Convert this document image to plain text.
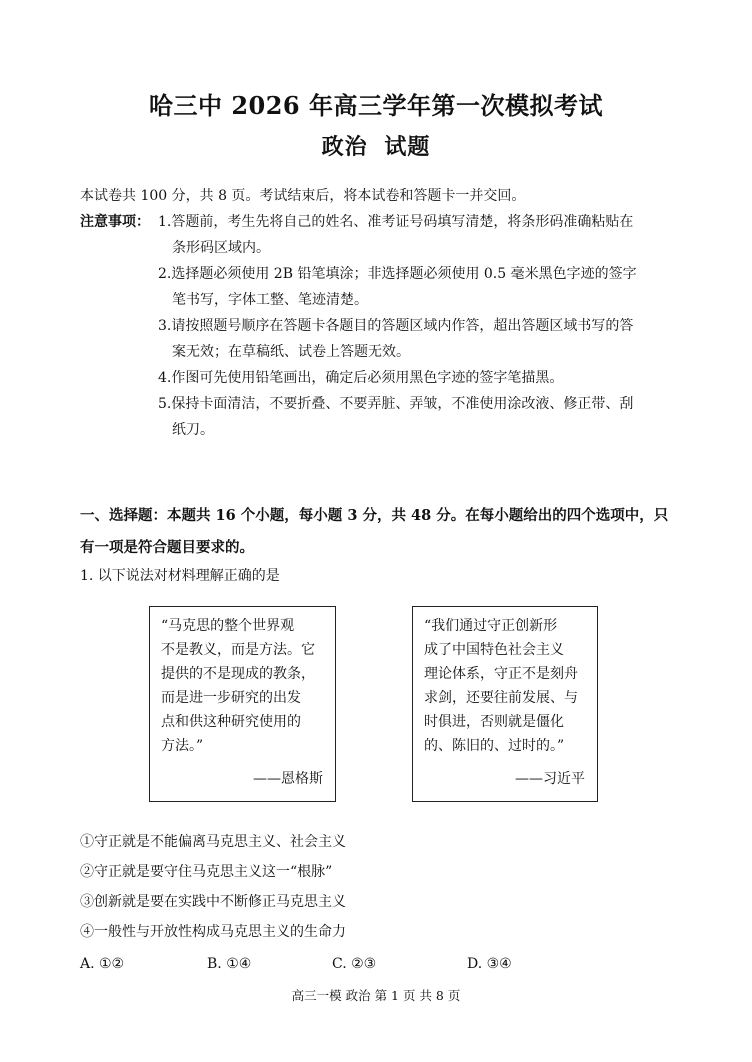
哈三中 2026 年高三学年第一次模拟考试
政治 试题
本试卷共 100 分，共 8 页。考试结束后，将本试卷和答题卡一并交回。
注意事项： 1.答题前，考生先将自己的姓名、准考证号码填写清楚，将条形码准确粘贴在
条形码区域内。
2.选择题必须使用 2B 铅笔填涂；非选择题必须使用 0.5 毫米黑色字迹的签字
笔书写，字体工整、笔迹清楚。
3.请按照题号顺序在答题卡各题目的答题区域内作答，超出答题区域书写的答
案无效；在草稿纸、试卷上答题无效。
4.作图可先使用铅笔画出，确定后必须用黑色字迹的签字笔描黑。
5.保持卡面清洁，不要折叠、不要弄脏、弄皱，不准使用涂改液、修正带、刮
纸刀。
一、选择题：本题共 16 个小题，每小题 3 分，共 48 分。在每小题给出的四个选项中，只
有一项是符合题目要求的。
1. 以下说法对材料理解正确的是
“马克思的整个世界观
不是教义，而是方法。它
提供的不是现成的教条，
而是进一步研究的出发
点和供这种研究使用的
方法。”
——恩格斯
“我们通过守正创新形
成了中国特色社会主义
理论体系，守正不是刻舟
求剑，还要往前发展、与
时俱进，否则就是僵化
的、陈旧的、过时的。”
——习近平
①守正就是不能偏离马克思主义、社会主义
②守正就是要守住马克思主义这一“根脉”
③创新就是要在实践中不断修正马克思主义
④一般性与开放性构成马克思主义的生命力
A. ①②	B. ①④	C. ②③	D. ③④
高三一模 政治 第 1 页 共 8 页
